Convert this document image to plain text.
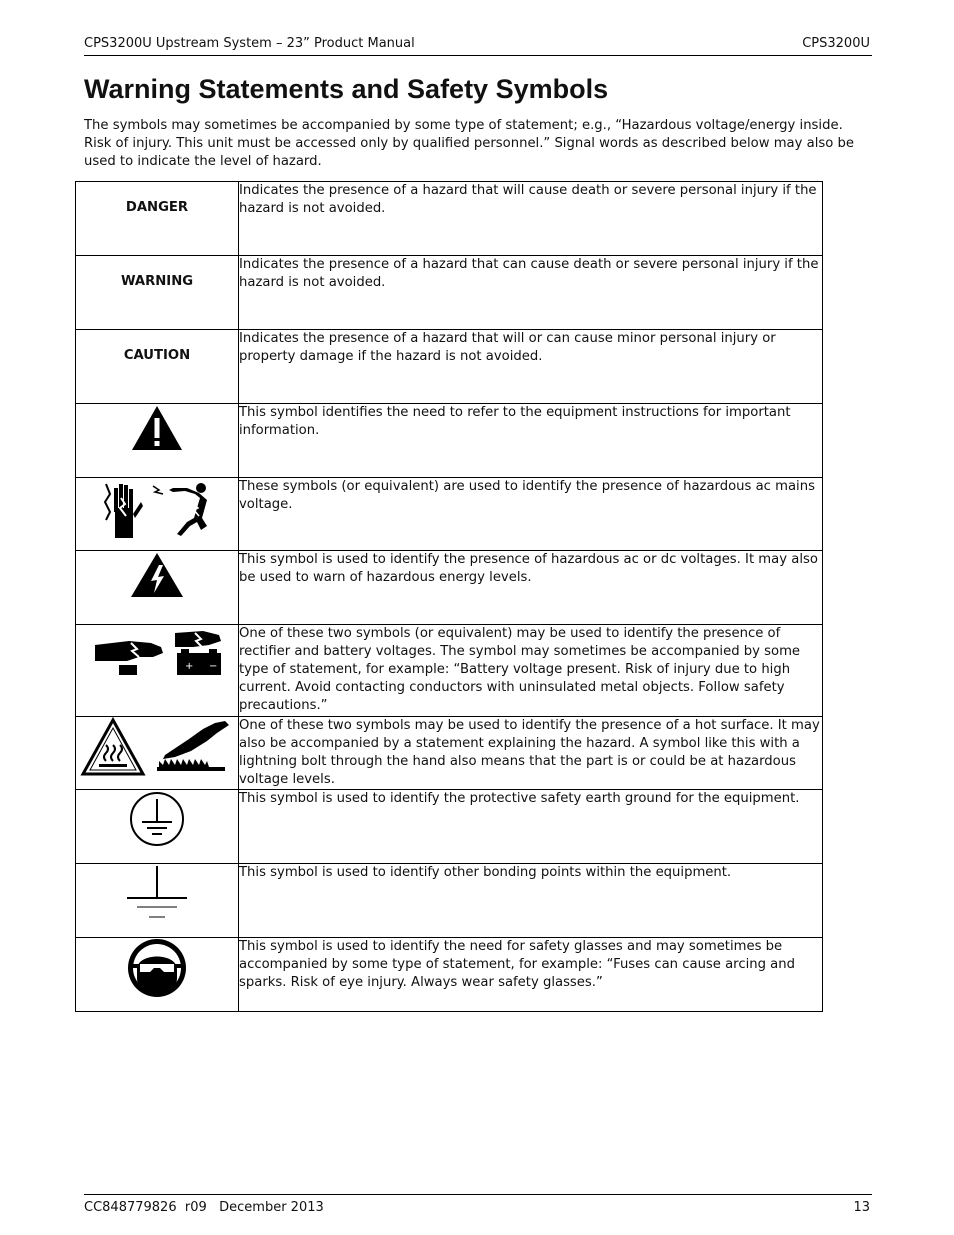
CPS3200U Upstream System – 23” Product Manual	CPS3200U
Warning Statements and Safety Symbols

The symbols may sometimes be accompanied by some type of statement; e.g., “Hazardous voltage/energy inside. Risk of injury. This unit must be accessed only by qualified personnel.” Signal words as described below may also be used to indicate the level of hazard.

DANGER	Indicates the presence of a hazard that will cause death or severe personal injury if the hazard is not avoided.

WARNING	Indicates the presence of a hazard that can cause death or severe personal injury if the hazard is not avoided.

CAUTION	Indicates the presence of a hazard that will or can cause minor personal injury or property damage if the hazard is not avoided.
	This symbol identifies the need to refer to the equipment instructions for important information.
	These symbols (or equivalent) are used to identify the presence of hazardous ac mains voltage.
	This symbol is used to identify the presence of hazardous ac or dc voltages. It may also be used to warn of hazardous energy levels.

+ −	One of these two symbols (or equivalent) may be used to identify the presence of rectifier and battery voltages. The symbol may sometimes be accompanied by some type of statement, for example: “Battery voltage present. Risk of injury due to high current. Avoid contacting conductors with uninsulated metal objects. Follow safety precautions.”
	One of these two symbols may be used to identify the presence of a hot surface. It may also be accompanied by a statement explaining the hazard. A symbol like this with a lightning bolt through the hand also means that the part is or could be at hazardous voltage levels.
	This symbol is used to identify the protective safety earth ground for the equipment.
	This symbol is used to identify other bonding points within the equipment.
	This symbol is used to identify the need for safety glasses and may sometimes be accompanied by some type of statement, for example: “Fuses can cause arcing and sparks. Risk of eye injury. Always wear safety glasses.”
CC848779826  r09   December 2013	13
